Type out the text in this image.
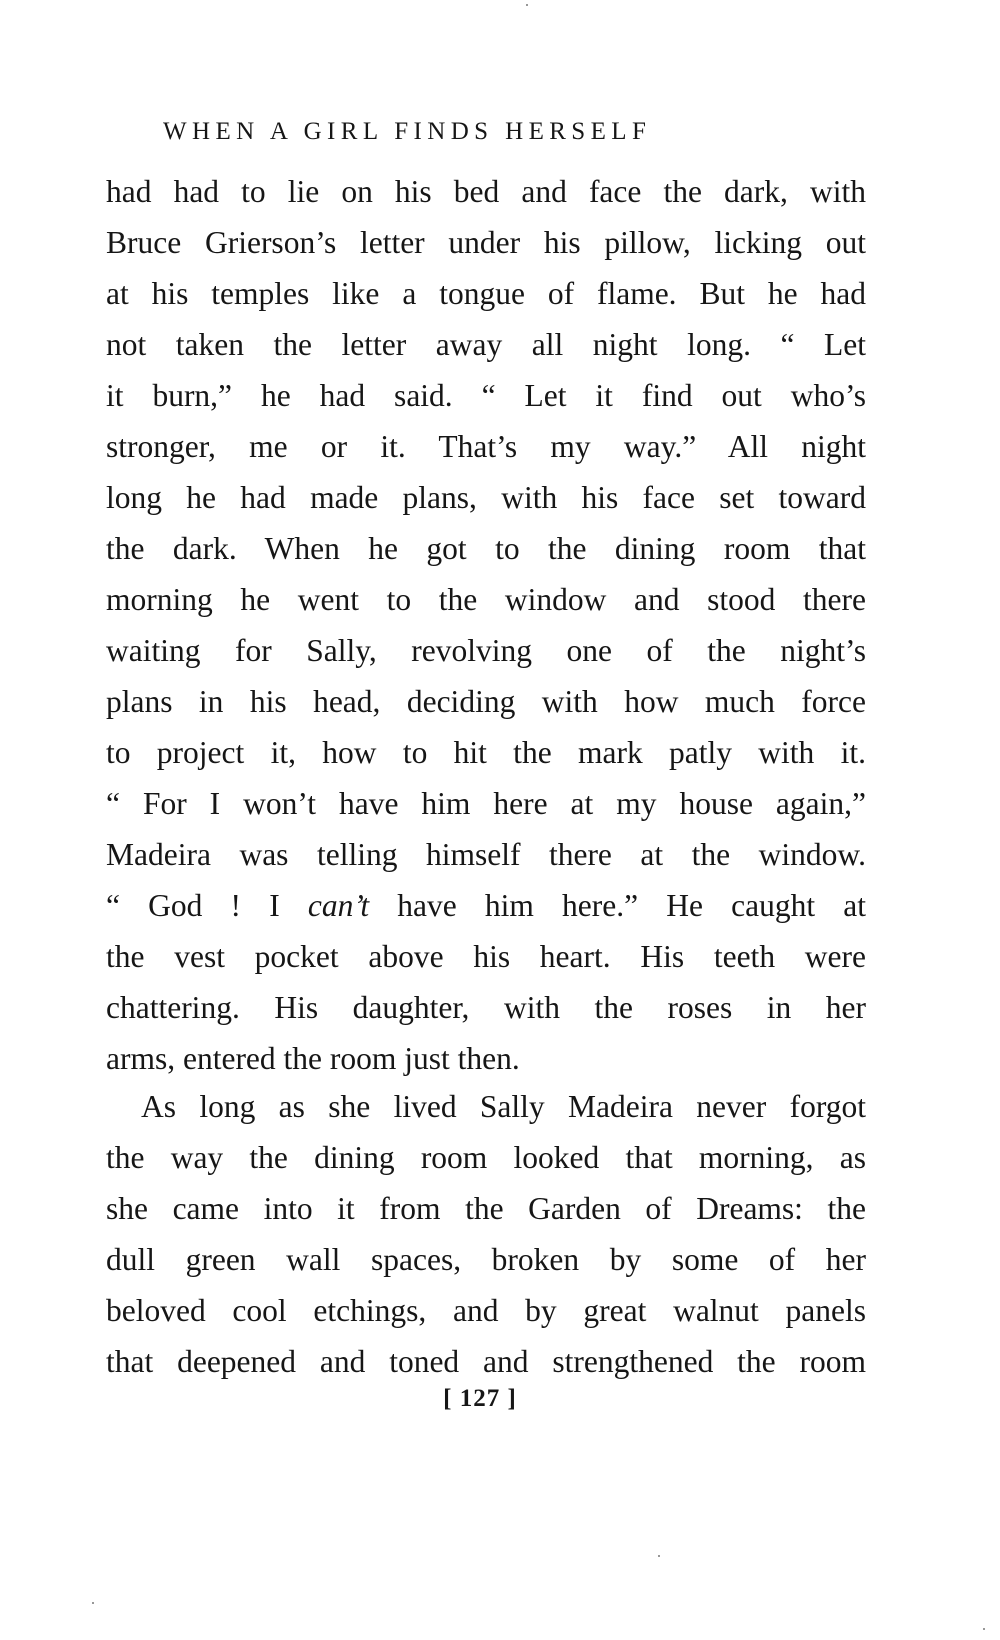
WHEN A GIRL FINDS HERSELF
had had to lie on his bed and face the dark, with
Bruce Grierson’s letter under his pillow, licking out
at his temples like a tongue of flame. But he had
not taken the letter away all night long. “ Let
it burn,” he had said. “ Let it find out who’s
stronger, me or it. That’s my way.” All night
long he had made plans, with his face set toward
the dark. When he got to the dining room that
morning he went to the window and stood there
waiting for Sally, revolving one of the night’s
plans in his head, deciding with how much force
to project it, how to hit the mark patly with it.
“ For I won’t have him here at my house again,”
Madeira was telling himself there at the window.
“ God ! I can’t have him here.” He caught at
the vest pocket above his heart. His teeth were
chattering. His daughter, with the roses in her
arms, entered the room just then.
As long as she lived Sally Madeira never forgot
the way the dining room looked that morning, as
she came into it from the Garden of Dreams: the
dull green wall spaces, broken by some of her
beloved cool etchings, and by great walnut panels
that deepened and toned and strengthened the room
[ 127 ]
